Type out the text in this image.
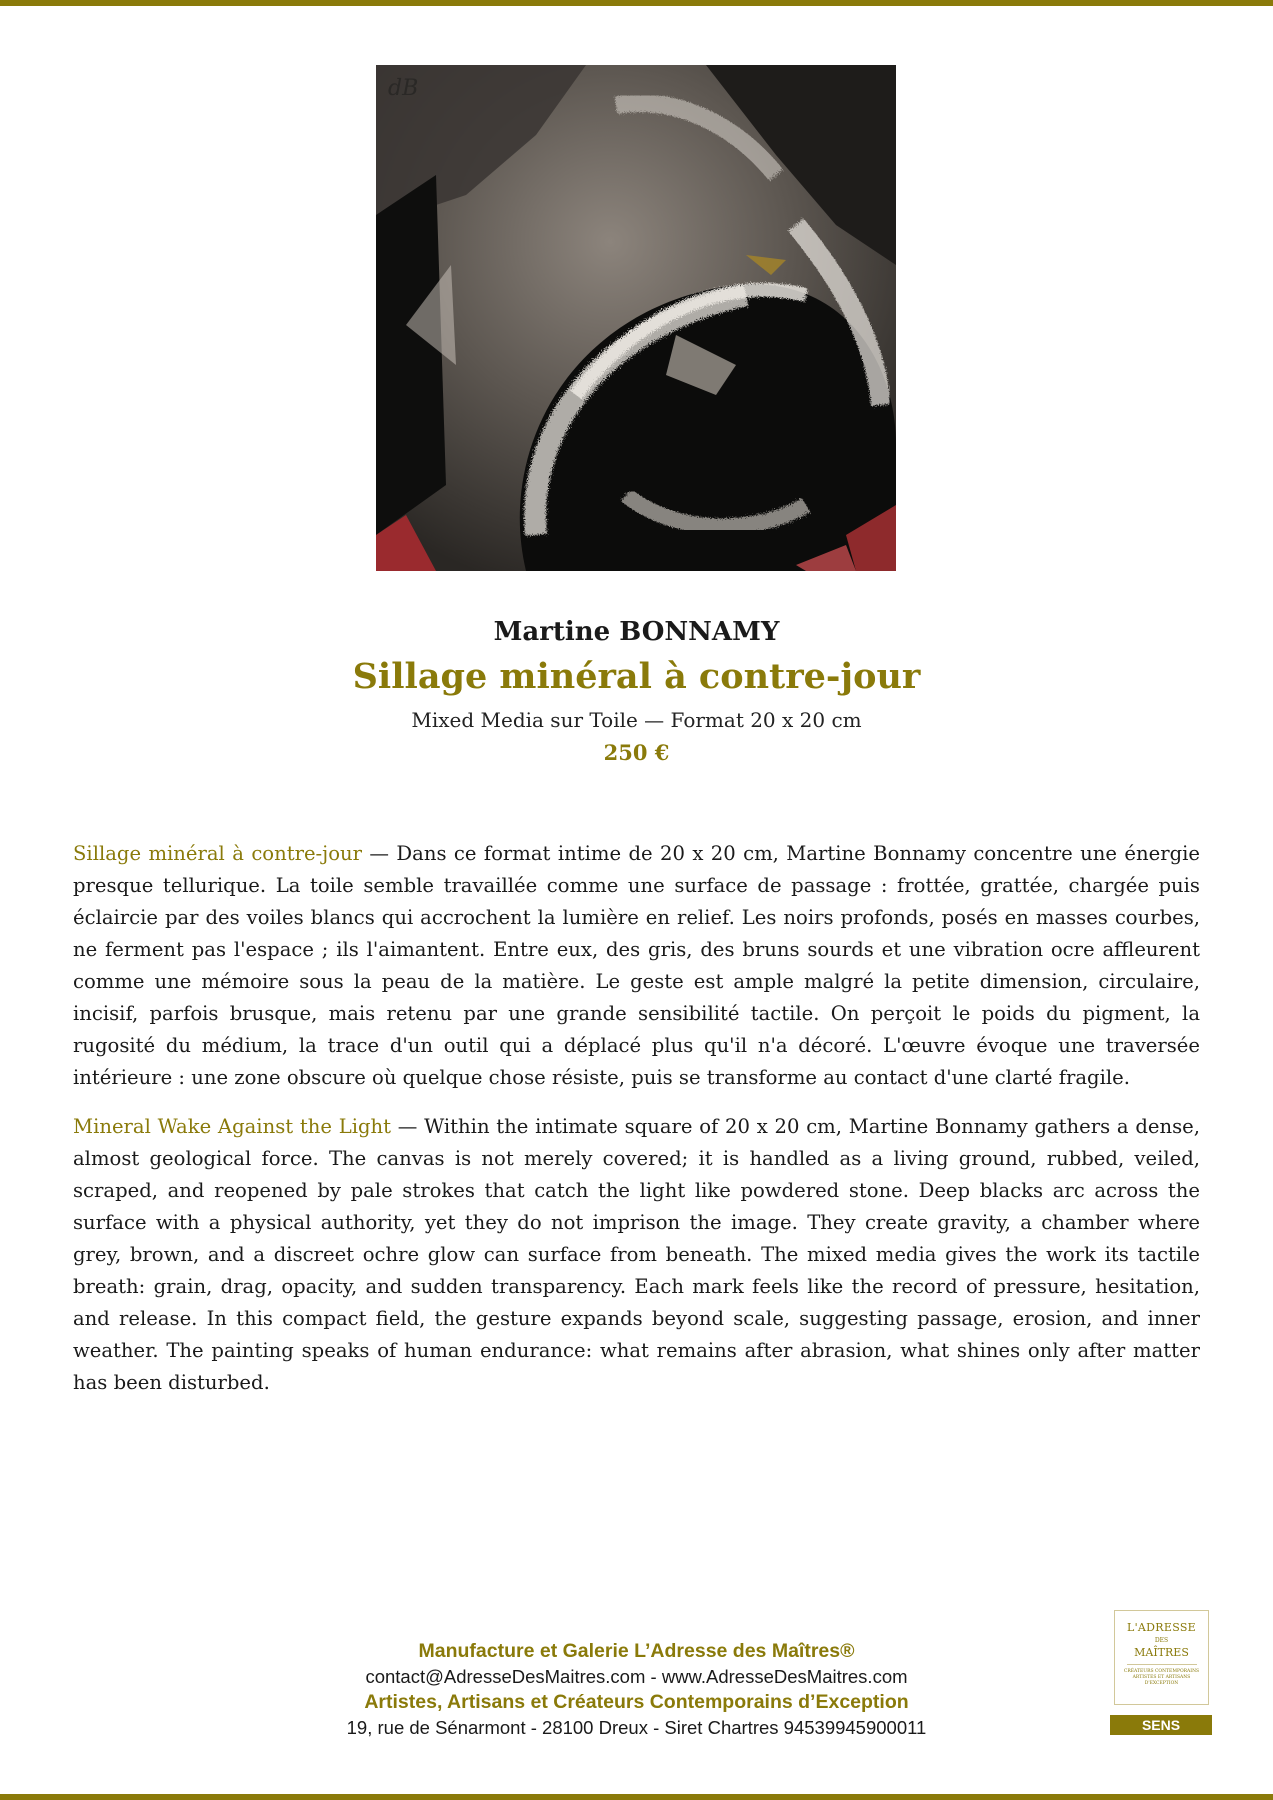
dB
Martine BONNAMY
Sillage minéral à contre-jour
Mixed Media sur Toile — Format 20 x 20 cm
250 €

Sillage minéral à contre-jour — Dans ce format intime de 20 x 20 cm, Martine Bonnamy concentre une énergie presque tellurique. La toile semble travaillée comme une surface de passage : frottée, grattée, chargée puis éclaircie par des voiles blancs qui accrochent la lumière en relief. Les noirs profonds, posés en masses courbes, ne ferment pas l'espace ; ils l'aimantent. Entre eux, des gris, des bruns sourds et une vibration ocre affleurent comme une mémoire sous la peau de la matière. Le geste est ample malgré la petite dimension, circulaire, incisif, parfois brusque, mais retenu par une grande sensibilité tactile. On perçoit le poids du pigment, la rugosité du médium, la trace d'un outil qui a déplacé plus qu'il n'a décoré. L'œuvre évoque une traversée intérieure : une zone obscure où quelque chose résiste, puis se transforme au contact d'une clarté fragile.

Mineral Wake Against the Light — Within the intimate square of 20 x 20 cm, Martine Bonnamy gathers a dense, almost geological force. The canvas is not merely covered; it is handled as a living ground, rubbed, veiled, scraped, and reopened by pale strokes that catch the light like powdered stone. Deep blacks arc across the surface with a physical authority, yet they do not imprison the image. They create gravity, a chamber where grey, brown, and a discreet ochre glow can surface from beneath. The mixed media gives the work its tactile breath: grain, drag, opacity, and sudden transparency. Each mark feels like the record of pressure, hesitation, and release. In this compact field, the gesture expands beyond scale, suggesting passage, erosion, and inner weather. The painting speaks of human endurance: what remains after abrasion, what shines only after matter has been disturbed.

Manufacture et Galerie L’Adresse des Maîtres®
contact@AdresseDesMaitres.com - www.AdresseDesMaitres.com
Artistes, Artisans et Créateurs Contemporains d’Exception
19, rue de Sénarmont - 28100 Dreux - Siret Chartres 94539945900011
L'ADRESSE
DES
MAÎTRES
CRÉATEURS CONTEMPORAINS ARTISTES ET ARTISANS D'EXCEPTION
SENS
